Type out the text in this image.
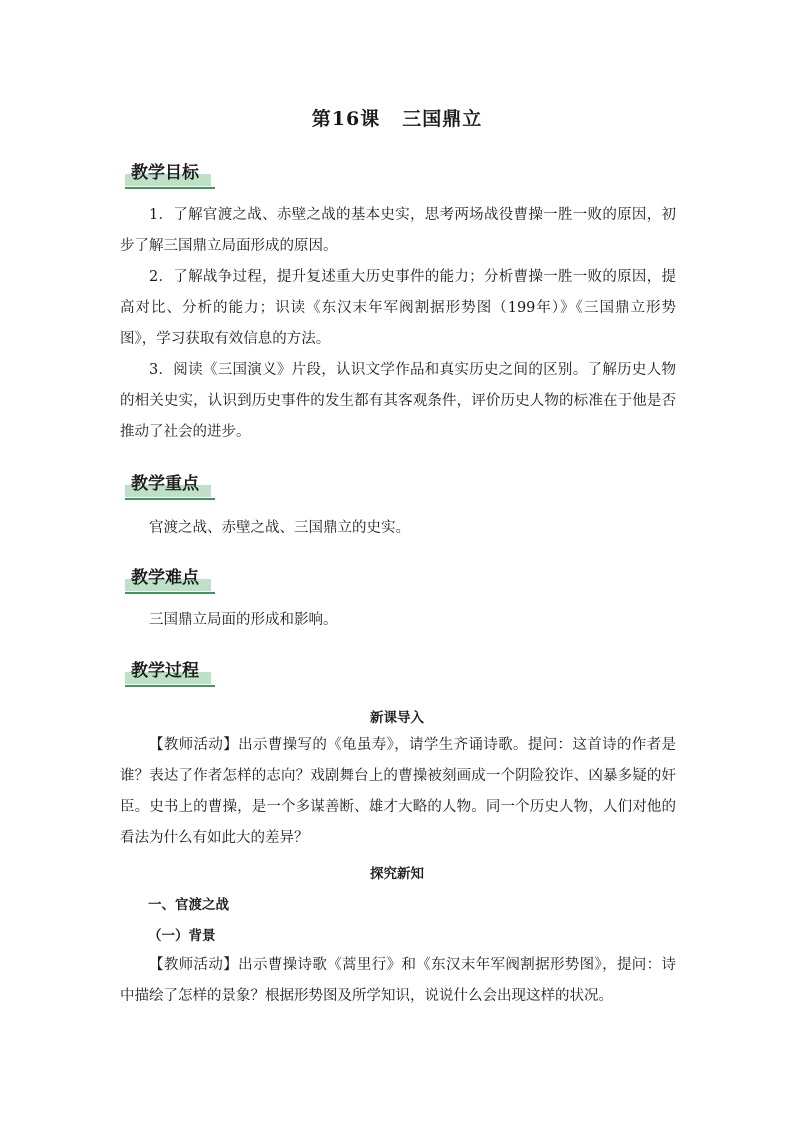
第16课 三国鼎立
教学目标
1．了解官渡之战、赤壁之战的基本史实，思考两场战役曹操一胜一败的原因，初步了解三国鼎立局面形成的原因。
2．了解战争过程，提升复述重大历史事件的能力；分析曹操一胜一败的原因，提高对比、分析的能力；识读《东汉末年军阀割据形势图（199年）》《三国鼎立形势图》，学习获取有效信息的方法。
3．阅读《三国演义》片段，认识文学作品和真实历史之间的区别。了解历史人物的相关史实，认识到历史事件的发生都有其客观条件，评价历史人物的标准在于他是否推动了社会的进步。
教学重点
官渡之战、赤壁之战、三国鼎立的史实。
教学难点
三国鼎立局面的形成和影响。
教学过程
新课导入
【教师活动】出示曹操写的《龟虽寿》，请学生齐诵诗歌。提问：这首诗的作者是谁？表达了作者怎样的志向？戏剧舞台上的曹操被刻画成一个阴险狡诈、凶暴多疑的奸臣。史书上的曹操，是一个多谋善断、雄才大略的人物。同一个历史人物，人们对他的看法为什么有如此大的差异？
探究新知
一、官渡之战
（一）背景
【教师活动】出示曹操诗歌《蒿里行》和《东汉末年军阀割据形势图》，提问：诗中描绘了怎样的景象？根据形势图及所学知识，说说什么会出现这样的状况。
